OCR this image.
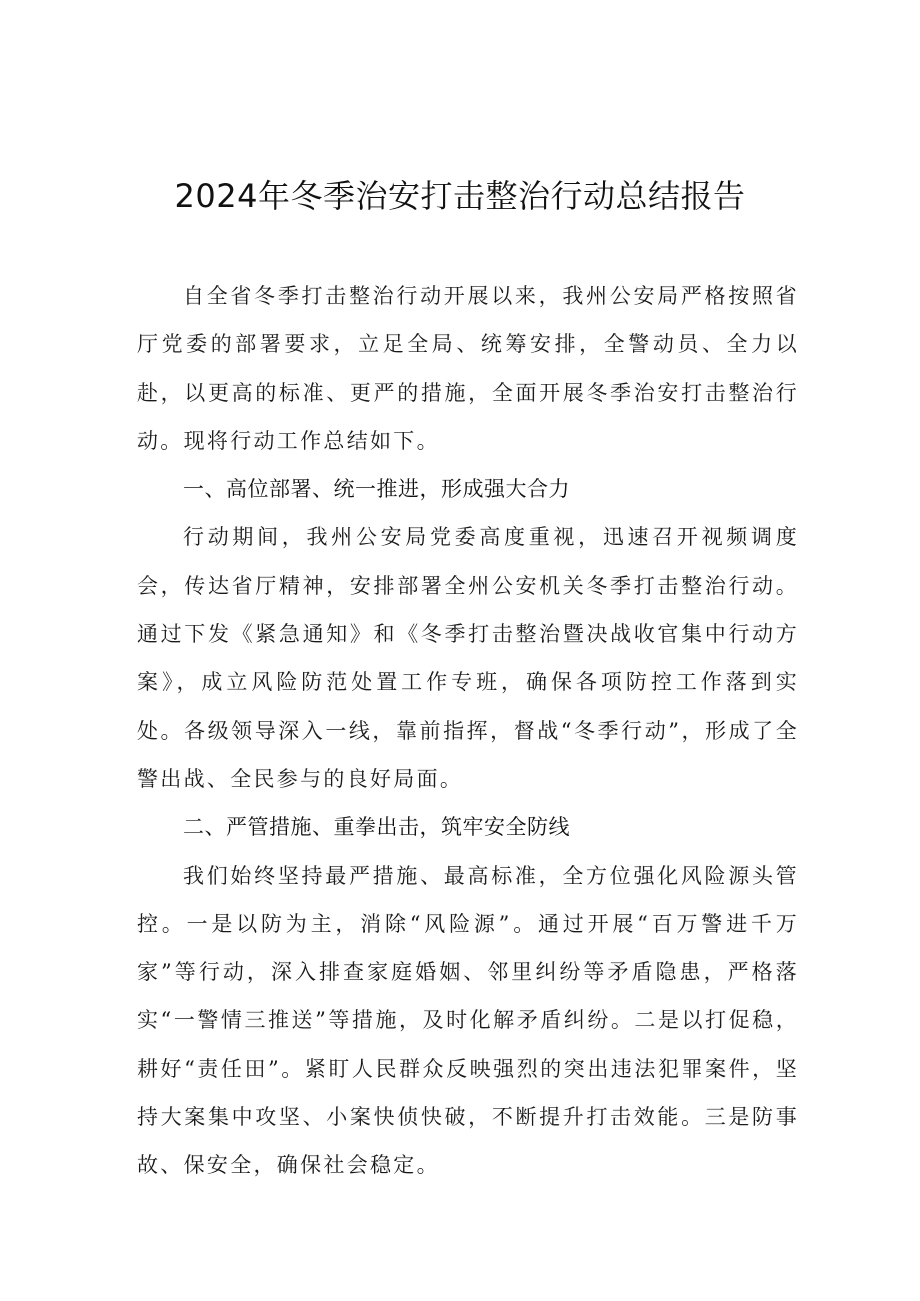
2024年冬季治安打击整治行动总结报告

自全省冬季打击整治行动开展以来，我州公安局严格按照省厅党委的部署要求，立足全局、统筹安排，全警动员、全力以赴，以更高的标准、更严的措施，全面开展冬季治安打击整治行动。现将行动工作总结如下。

一、高位部署、统一推进，形成强大合力

行动期间，我州公安局党委高度重视，迅速召开视频调度会，传达省厅精神，安排部署全州公安机关冬季打击整治行动。通过下发《紧急通知》和《冬季打击整治暨决战收官集中行动方案》，成立风险防范处置工作专班，确保各项防控工作落到实处。各级领导深入一线，靠前指挥，督战“冬季行动”，形成了全警出战、全民参与的良好局面。

二、严管措施、重拳出击，筑牢安全防线

我们始终坚持最严措施、最高标准，全方位强化风险源头管控。一是以防为主，消除“风险源”。通过开展“百万警进千万家”等行动，深入排查家庭婚姻、邻里纠纷等矛盾隐患，严格落实“一警情三推送”等措施，及时化解矛盾纠纷。二是以打促稳，耕好“责任田”。紧盯人民群众反映强烈的突出违法犯罪案件，坚持大案集中攻坚、小案快侦快破，不断提升打击效能。三是防事故、保安全，确保社会稳定。
